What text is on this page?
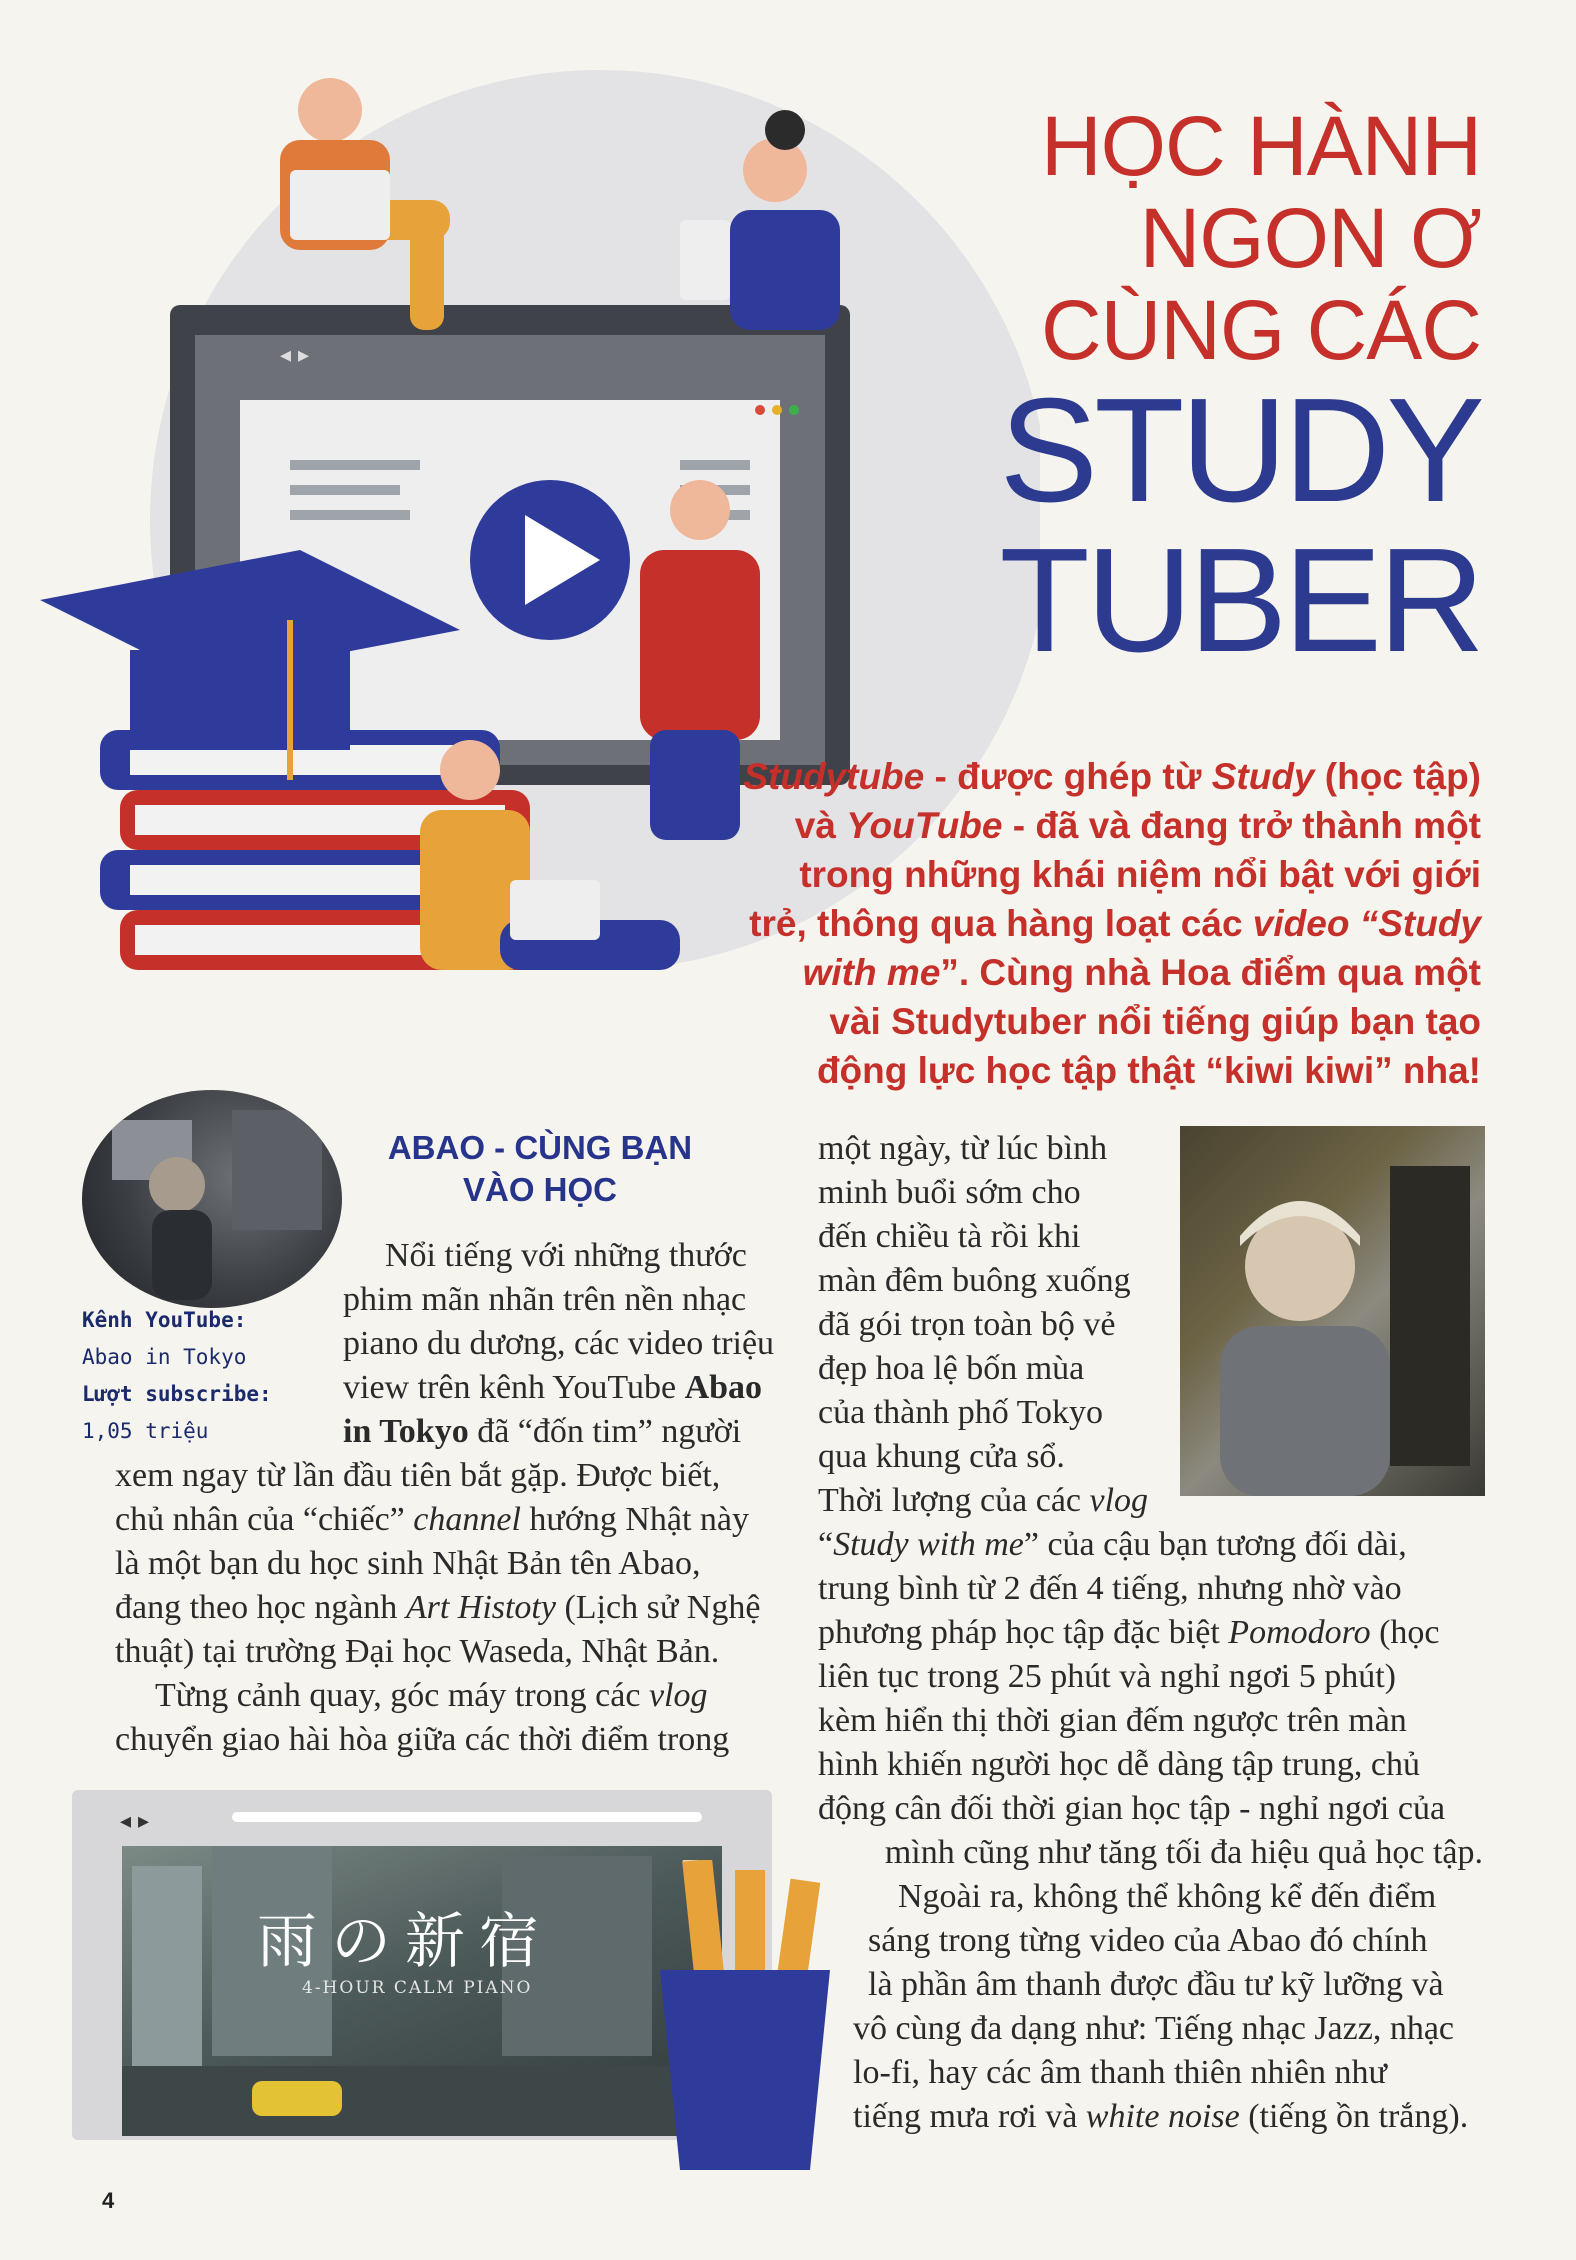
◂ ▸
HỌC HÀNH
NGON Ơ
CÙNG CÁC
STUDY
TUBER
Studytube - được ghép từ Study (học tập)
và YouTube - đã và đang trở thành một
trong những khái niệm nổi bật với giới
trẻ, thông qua hàng loạt các video “Study
with me”. Cùng nhà Hoa điểm qua một
vài Studytuber nổi tiếng giúp bạn tạo
động lực học tập thật “kiwi kiwi” nha!
Kênh YouTube:
Abao in Tokyo
Lượt subscribe:
1,05 triệu
ABAO - CÙNG BẠN
VÀO HỌC
Nổi tiếng với những thước
phim mãn nhãn trên nền nhạc
piano du dương, các video triệu
view trên kênh YouTube Abao
in Tokyo đã “đốn tim” người
xem ngay từ lần đầu tiên bắt gặp. Được biết,
chủ nhân của “chiếc” channel hướng Nhật này
là một bạn du học sinh Nhật Bản tên Abao,
đang theo học ngành Art Histoty (Lịch sử Nghệ
thuật) tại trường Đại học Waseda, Nhật Bản.
Từng cảnh quay, góc máy trong các vlog
chuyển giao hài hòa giữa các thời điểm trong
một ngày, từ lúc bình
minh buổi sớm cho
đến chiều tà rồi khi
màn đêm buông xuống
đã gói trọn toàn bộ vẻ
đẹp hoa lệ bốn mùa
của thành phố Tokyo
qua khung cửa sổ.
Thời lượng của các vlog
“Study with me” của cậu bạn tương đối dài,
trung bình từ 2 đến 4 tiếng, nhưng nhờ vào
phương pháp học tập đặc biệt Pomodoro (học
liên tục trong 25 phút và nghỉ ngơi 5 phút)
kèm hiển thị thời gian đếm ngược trên màn
hình khiến người học dễ dàng tập trung, chủ
động cân đối thời gian học tập - nghỉ ngơi của
mình cũng như tăng tối đa hiệu quả học tập.
Ngoài ra, không thể không kể đến điểm
sáng trong từng video của Abao đó chính
là phần âm thanh được đầu tư kỹ lưỡng và
vô cùng đa dạng như: Tiếng nhạc Jazz, nhạc
lo-fi, hay các âm thanh thiên nhiên như
tiếng mưa rơi và white noise (tiếng ồn trắng).
◂ ▸
雨の新宿
4-HOUR CALM PIANO
4
